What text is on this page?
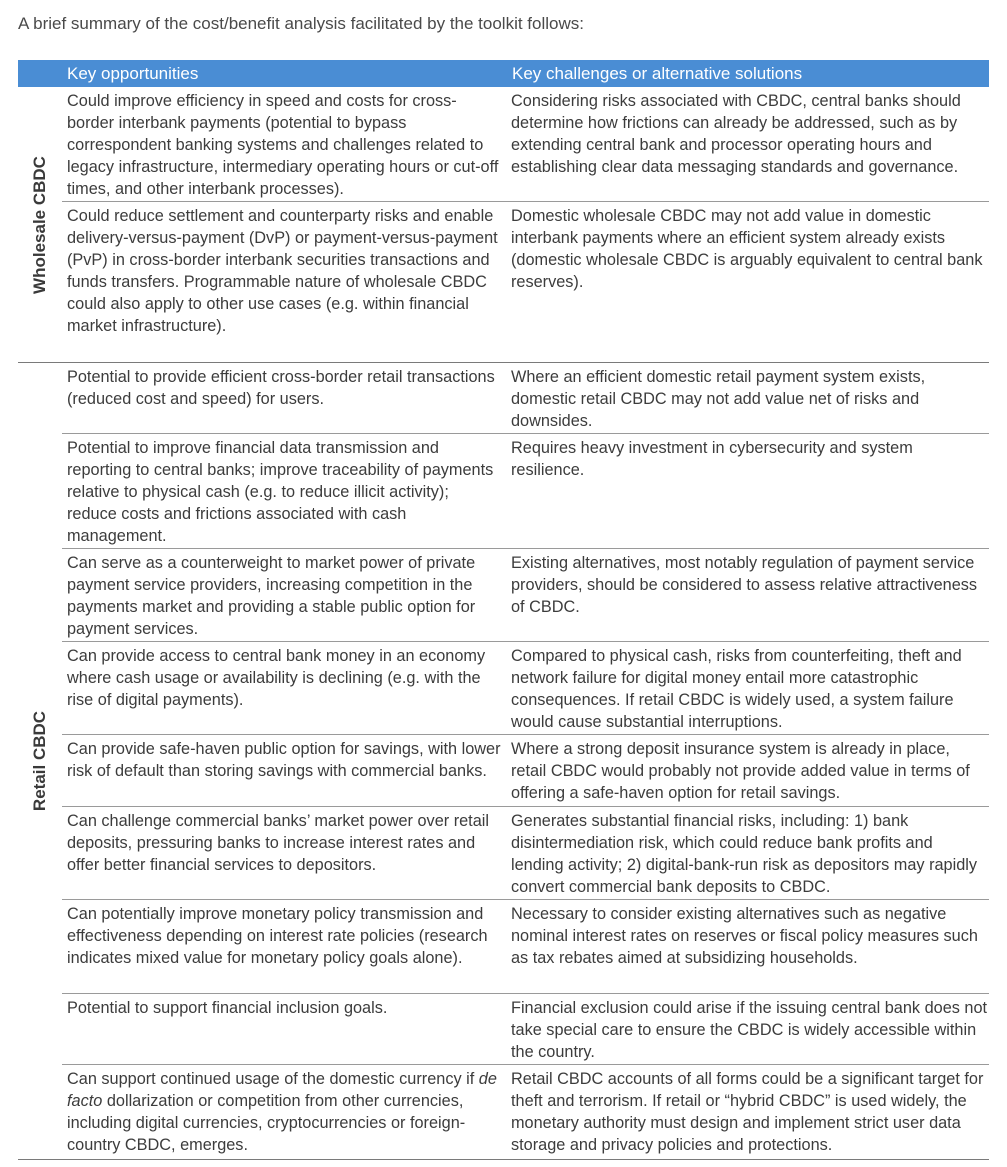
A brief summary of the cost/benefit analysis facilitated by the toolkit follows:
Key opportunities	Key challenges or alternative solutions
Wholesale CBDC
Could improve efficiency in speed and costs for cross-border interbank payments (potential to bypass correspondent banking systems and challenges related to legacy infrastructure, intermediary operating hours or cut-off times, and other interbank processes).
Considering risks associated with CBDC, central banks should determine how frictions can already be addressed, such as by extending central bank and processor operating hours and establishing clear data messaging standards and governance.
Could reduce settlement and counterparty risks and enable delivery-versus-payment (DvP) or payment-versus-payment (PvP) in cross-border interbank securities transactions and funds transfers. Programmable nature of wholesale CBDC could also apply to other use cases (e.g. within financial market infrastructure).
Domestic wholesale CBDC may not add value in domestic interbank payments where an efficient system already exists (domestic wholesale CBDC is arguably equivalent to central bank reserves).
Retail CBDC
Potential to provide efficient cross-border retail transactions (reduced cost and speed) for users.
Where an efficient domestic retail payment system exists, domestic retail CBDC may not add value net of risks and downsides.
Potential to improve financial data transmission and reporting to central banks; improve traceability of payments relative to physical cash (e.g. to reduce illicit activity); reduce costs and frictions associated with cash management.
Requires heavy investment in cybersecurity and system resilience.
Can serve as a counterweight to market power of private payment service providers, increasing competition in the payments market and providing a stable public option for payment services.
Existing alternatives, most notably regulation of payment service providers, should be considered to assess relative attractiveness of CBDC.
Can provide access to central bank money in an economy where cash usage or availability is declining (e.g. with the rise of digital payments).
Compared to physical cash, risks from counterfeiting, theft and network failure for digital money entail more catastrophic consequences. If retail CBDC is widely used, a system failure would cause substantial interruptions.
Can provide safe-haven public option for savings, with lower risk of default than storing savings with commercial banks.
Where a strong deposit insurance system is already in place, retail CBDC would probably not provide added value in terms of offering a safe-haven option for retail savings.
Can challenge commercial banks’ market power over retail deposits, pressuring banks to increase interest rates and offer better financial services to depositors.
Generates substantial financial risks, including: 1) bank disintermediation risk, which could reduce bank profits and lending activity; 2) digital-bank-run risk as depositors may rapidly convert commercial bank deposits to CBDC.
Can potentially improve monetary policy transmission and effectiveness depending on interest rate policies (research indicates mixed value for monetary policy goals alone).
Necessary to consider existing alternatives such as negative nominal interest rates on reserves or fiscal policy measures such as tax rebates aimed at subsidizing households.
Potential to support financial inclusion goals.	Financial exclusion could arise if the issuing central bank does not take special care to ensure the CBDC is widely accessible within the country.
Can support continued usage of the domestic currency if de facto dollarization or competition from other currencies, including digital currencies, cryptocurrencies or foreign-country CBDC, emerges.
Retail CBDC accounts of all forms could be a significant target for theft and terrorism. If retail or “hybrid CBDC” is used widely, the monetary authority must design and implement strict user data storage and privacy policies and protections.
